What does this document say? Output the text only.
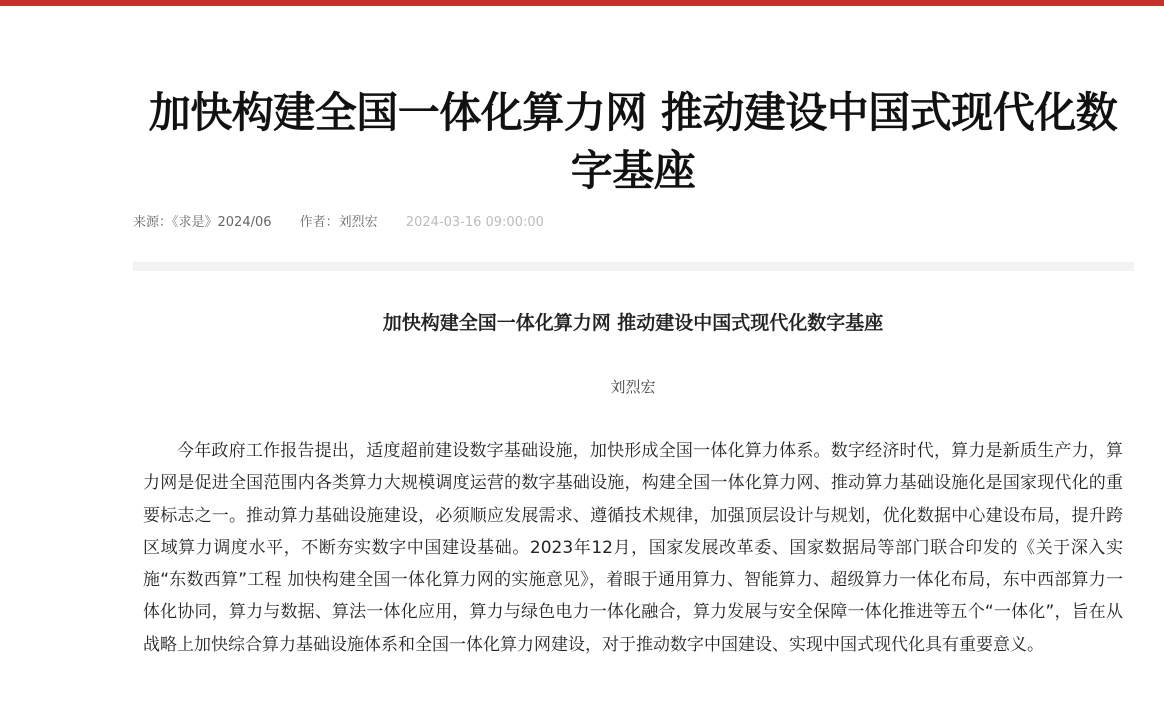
加快构建全国一体化算力网 推动建设中国式现代化数字基座
来源：《求是》2024/06 作者：刘烈宏 2024-03-16 09:00:00
加快构建全国一体化算力网 推动建设中国式现代化数字基座
刘烈宏

今年政府工作报告提出，适度超前建设数字基础设施，加快形成全国一体化算力体系。数字经济时代，算力是新质生产力，算力网是促进全国范围内各类算力大规模调度运营的数字基础设施，构建全国一体化算力网、推动算力基础设施化是国家现代化的重要标志之一。推动算力基础设施建设，必须顺应发展需求、遵循技术规律，加强顶层设计与规划，优化数据中心建设布局，提升跨区域算力调度水平，不断夯实数字中国建设基础。2023年12月，国家发展改革委、国家数据局等部门联合印发的《关于深入实施“东数西算”工程 加快构建全国一体化算力网的实施意见》，着眼于通用算力、智能算力、超级算力一体化布局，东中西部算力一体化协同，算力与数据、算法一体化应用，算力与绿色电力一体化融合，算力发展与安全保障一体化推进等五个“一体化”，旨在从战略上加快综合算力基础设施体系和全国一体化算力网建设，对于推动数字中国建设、实现中国式现代化具有重要意义。
